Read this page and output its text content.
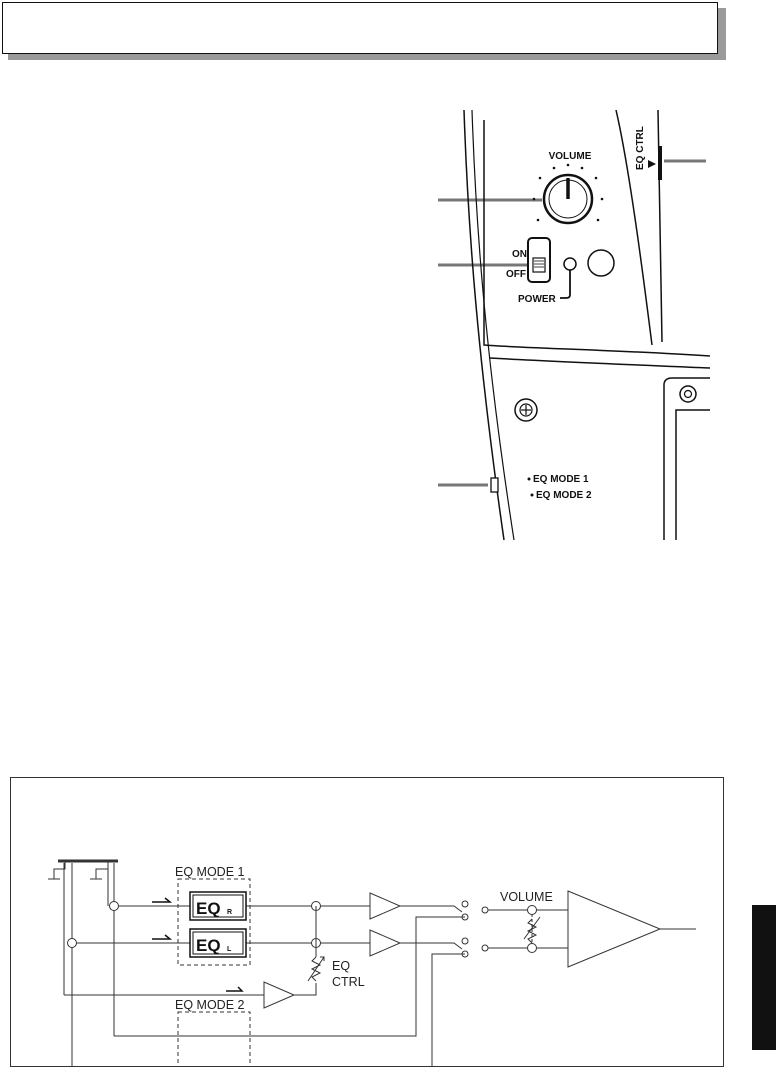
EQ CTRL
VOLUME
ON
OFF
POWER
EQ MODE 1
EQ MODE 2
EQ R
EQ L
EQ MODE 1
EQ MODE 2
VOLUME
EQ
CTRL
